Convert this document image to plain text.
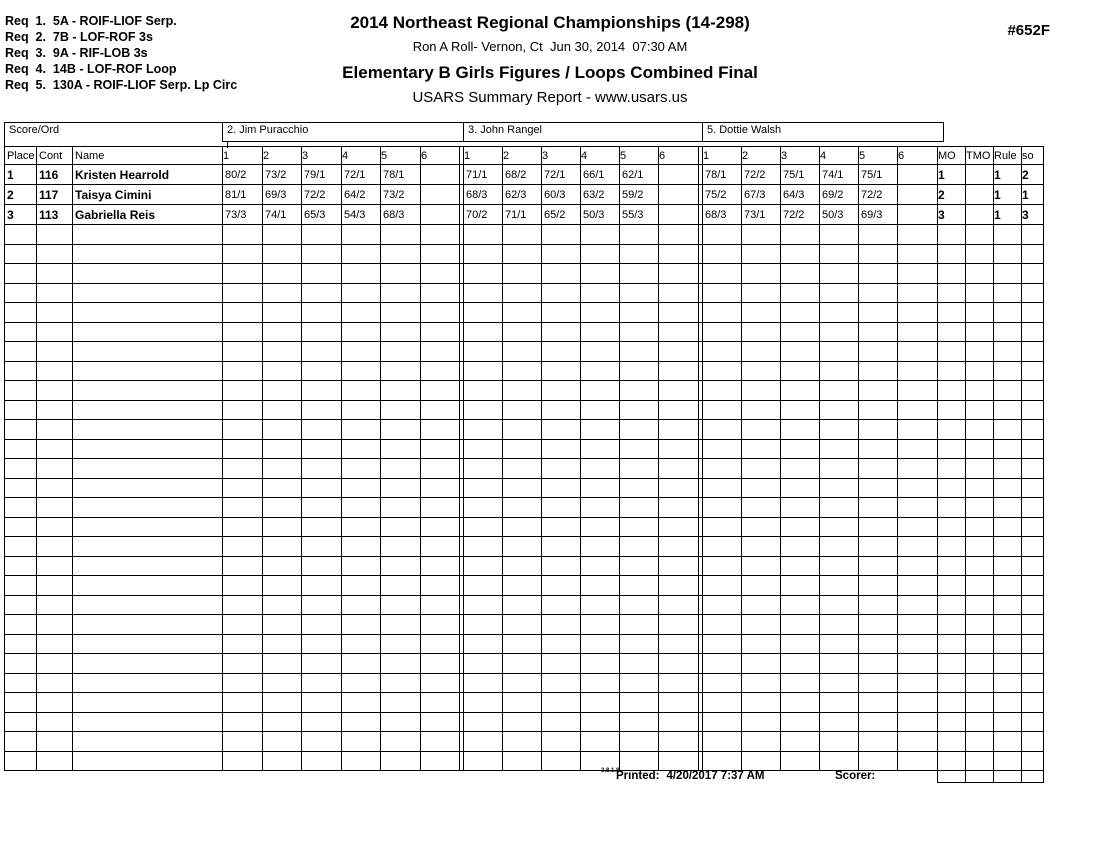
Req  1.  5A - ROIF-LIOF Serp.
Req  2.  7B - LOF-ROF 3s
Req  3.  9A - RIF-LOB 3s
Req  4.  14B - LOF-ROF Loop
Req  5.  130A - ROIF-LIOF Serp. Lp Circ
2014 Northeast Regional Championships (14-298)
Ron A Roll- Vernon, Ct  Jun 30, 2014  07:30 AM
Elementary B Girls Figures / Loops Combined Final
USARS Summary Report - www.usars.us
#652F
Score/Ord	2. Jim Puracchio	3. John Rangel	5. Dottie Walsh
Place	Cont	Name	1	2	3	4	5	6		1	2	3	4	5	6		1	2	3	4	5	6	MO	TMO	Rule	so
1	116	Kristen Hearrold	80/2	73/2	79/1	72/1	78/1			71/1	68/2	72/1	66/1	62/1			78/1	72/2	75/1	74/1	75/1		1		1	2
2	117	Taisya Cimini	81/1	69/3	72/2	64/2	73/2			68/3	62/3	60/3	63/2	59/2			75/2	67/3	64/3	69/2	72/2		2		1	1
3	113	Gabriella Reis	73/3	74/1	65/3	54/3	68/3			70/2	71/1	65/2	50/3	55/3			68/3	73/1	72/2	50/3	69/3		3		1	3

3.8.1.8
Printed: 4/20/2017 7:37 AM	Scorer:
